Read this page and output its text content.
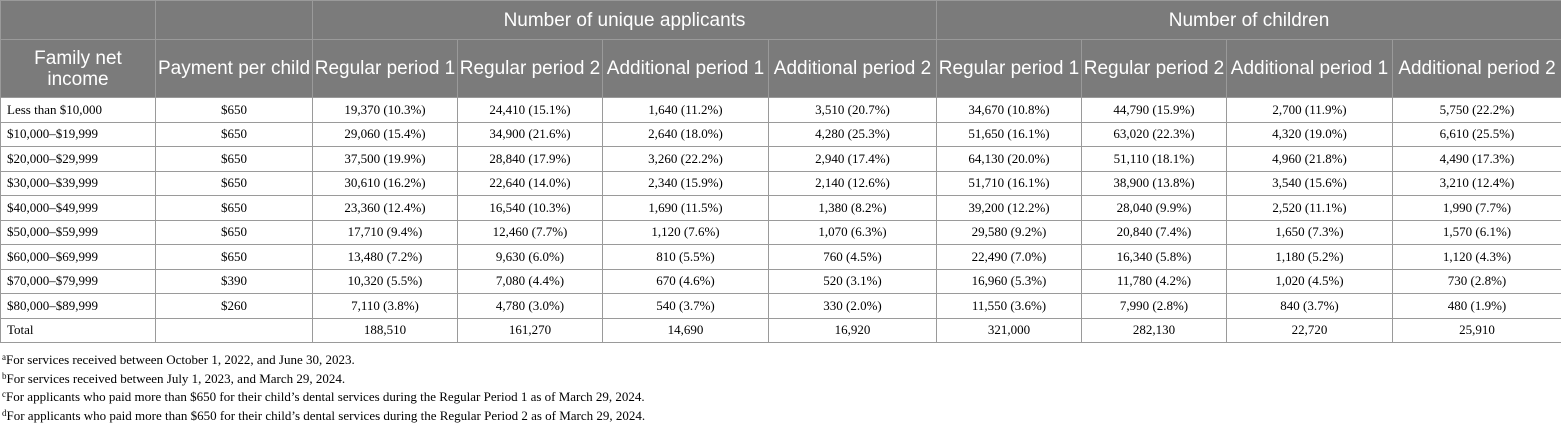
		Number of unique applicants				Number of children			
Family net income	Payment per child	Regular period 1	Regular period 2	Additional period 1	Additional period 2	Regular period 1	Regular period 2	Additional period 1	Additional period 2
Less than $10,000	$650	19,370 (10.3%)	24,410 (15.1%)	1,640 (11.2%)	3,510 (20.7%)	34,670 (10.8%)	44,790 (15.9%)	2,700 (11.9%)	5,750 (22.2%)
$10,000–$19,999	$650	29,060 (15.4%)	34,900 (21.6%)	2,640 (18.0%)	4,280 (25.3%)	51,650 (16.1%)	63,020 (22.3%)	4,320 (19.0%)	6,610 (25.5%)
$20,000–$29,999	$650	37,500 (19.9%)	28,840 (17.9%)	3,260 (22.2%)	2,940 (17.4%)	64,130 (20.0%)	51,110 (18.1%)	4,960 (21.8%)	4,490 (17.3%)
$30,000–$39,999	$650	30,610 (16.2%)	22,640 (14.0%)	2,340 (15.9%)	2,140 (12.6%)	51,710 (16.1%)	38,900 (13.8%)	3,540 (15.6%)	3,210 (12.4%)
$40,000–$49,999	$650	23,360 (12.4%)	16,540 (10.3%)	1,690 (11.5%)	1,380 (8.2%)	39,200 (12.2%)	28,040 (9.9%)	2,520 (11.1%)	1,990 (7.7%)
$50,000–$59,999	$650	17,710 (9.4%)	12,460 (7.7%)	1,120 (7.6%)	1,070 (6.3%)	29,580 (9.2%)	20,840 (7.4%)	1,650 (7.3%)	1,570 (6.1%)
$60,000–$69,999	$650	13,480 (7.2%)	9,630 (6.0%)	810 (5.5%)	760 (4.5%)	22,490 (7.0%)	16,340 (5.8%)	1,180 (5.2%)	1,120 (4.3%)
$70,000–$79,999	$390	10,320 (5.5%)	7,080 (4.4%)	670 (4.6%)	520 (3.1%)	16,960 (5.3%)	11,780 (4.2%)	1,020 (4.5%)	730 (2.8%)
$80,000–$89,999	$260	7,110 (3.8%)	4,780 (3.0%)	540 (3.7%)	330 (2.0%)	11,550 (3.6%)	7,990 (2.8%)	840 (3.7%)	480 (1.9%)
Total		188,510	161,270	14,690	16,920	321,000	282,130	22,720	25,910
$^a$For services received between October 1, 2022, and June 30, 2023.
$^b$For services received between July 1, 2023, and March 29, 2024.
$^c$For applicants who paid more than $650 for their child’s dental services during the Regular Period 1 as of March 29, 2024.
$^d$For applicants who paid more than $650 for their child’s dental services during the Regular Period 2 as of March 29, 2024.
